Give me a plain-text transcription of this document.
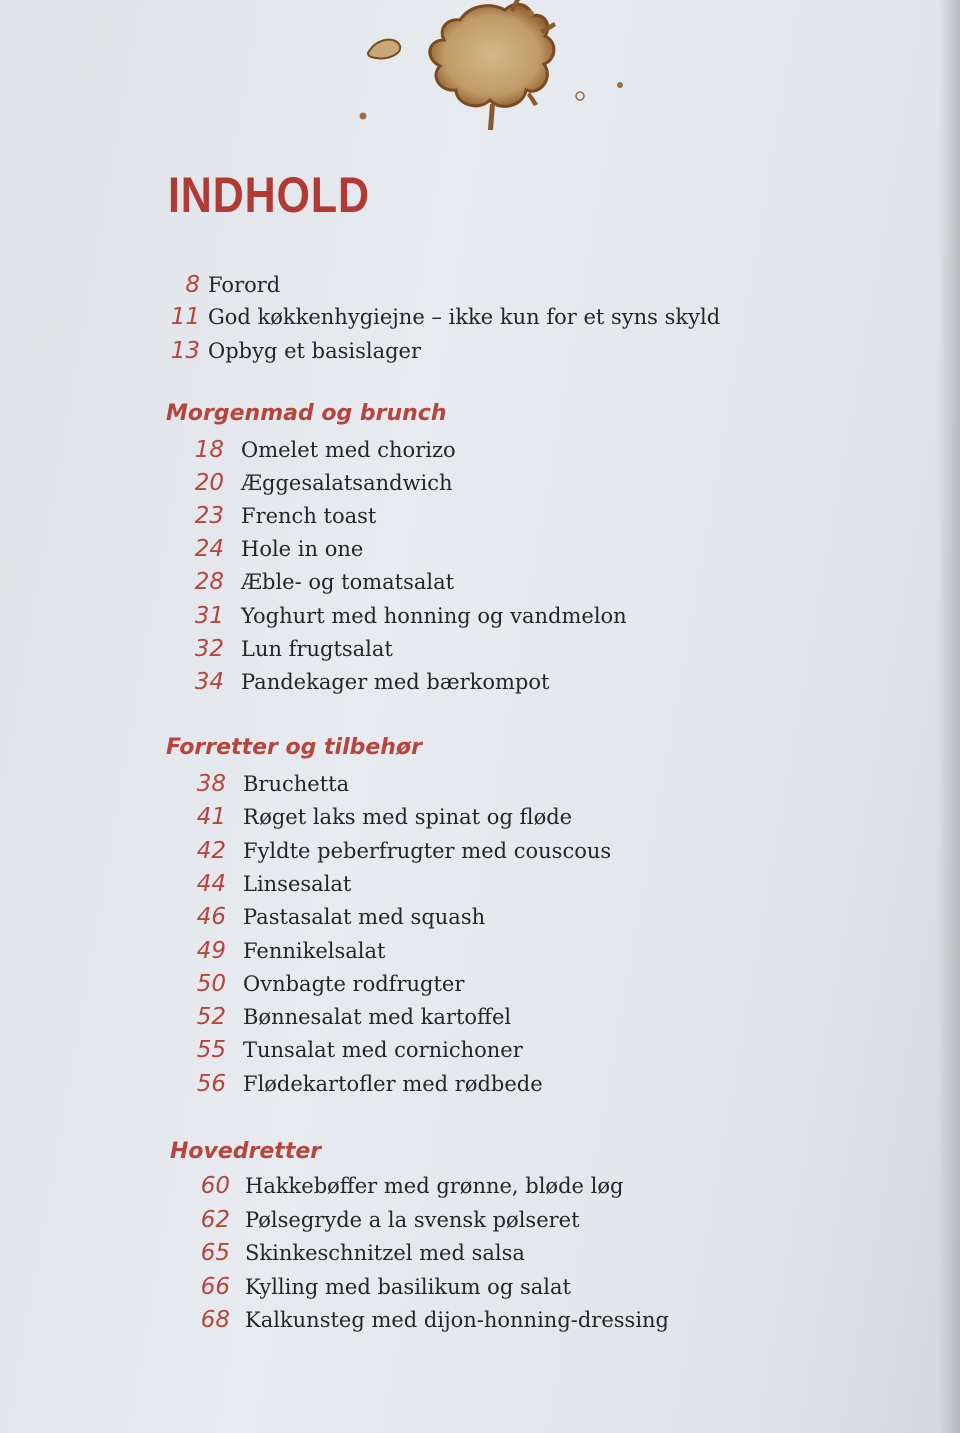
INDHOLD
8 Forord
11 God køkkenhygiejne – ikke kun for et syns skyld
13 Opbyg et basislager
Morgenmad og brunch
18 Omelet med chorizo
20 Æggesalatsandwich
23 French toast
24 Hole in one
28 Æble- og tomatsalat
31 Yoghurt med honning og vandmelon
32 Lun frugtsalat
34 Pandekager med bærkompot
Forretter og tilbehør
38 Bruchetta
41 Røget laks med spinat og fløde
42 Fyldte peberfrugter med couscous
44 Linsesalat
46 Pastasalat med squash
49 Fennikelsalat
50 Ovnbagte rodfrugter
52 Bønnesalat med kartoffel
55 Tunsalat med cornichoner
56 Flødekartofler med rødbede
Hovedretter
60 Hakkebøffer med grønne, bløde løg
62 Pølsegryde a la svensk pølseret
65 Skinkeschnitzel med salsa
66 Kylling med basilikum og salat
68 Kalkunsteg med dijon-honning-dressing
